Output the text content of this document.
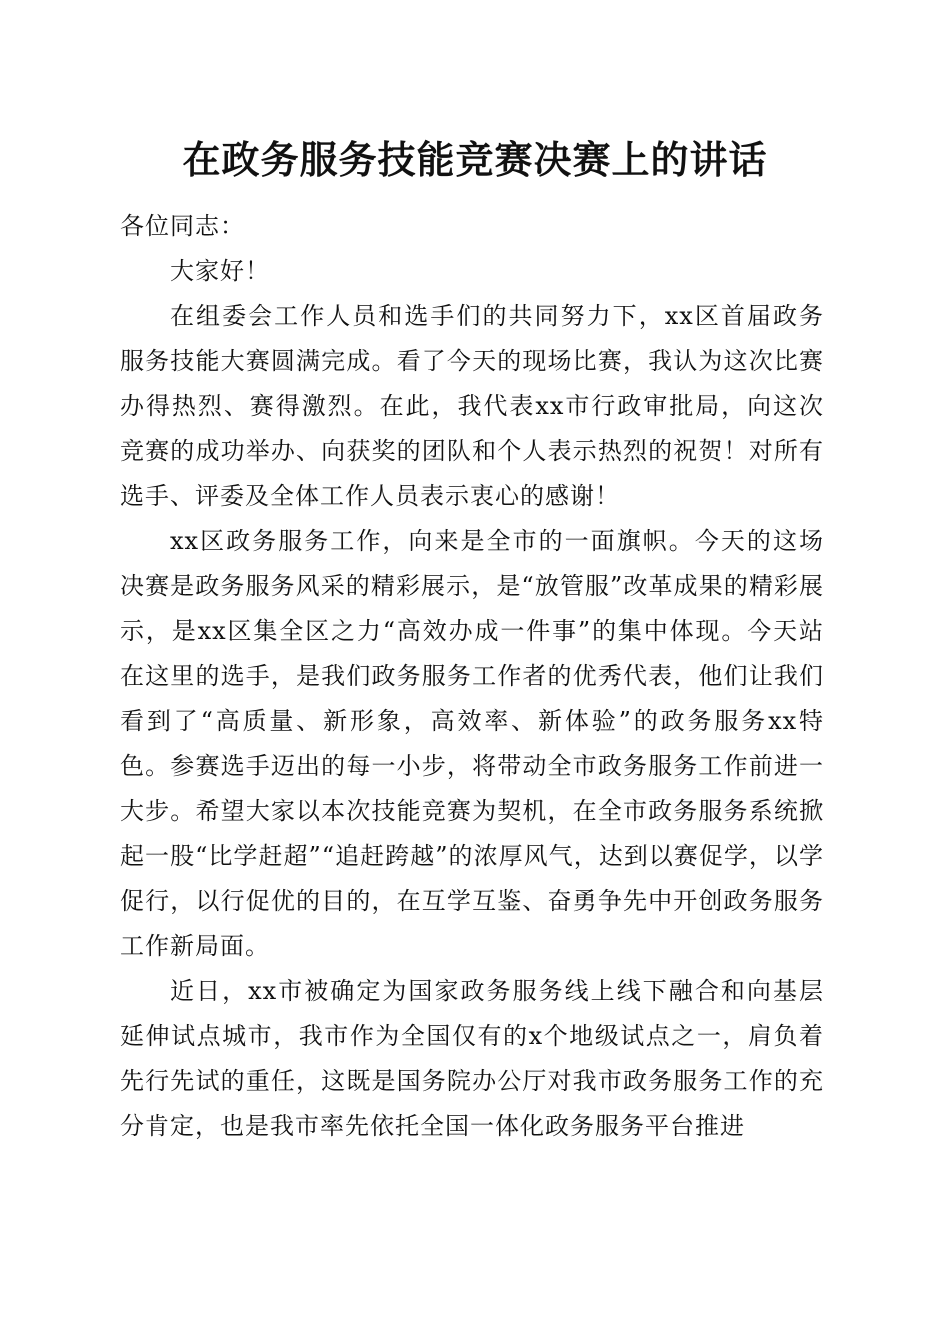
在政务服务技能竞赛决赛上的讲话

各位同志：

大家好！

在组委会工作人员和选手们的共同努力下，xx区首届政务服务技能大赛圆满完成。看了今天的现场比赛，我认为这次比赛办得热烈、赛得激烈。在此，我代表xx市行政审批局，向这次竞赛的成功举办、向获奖的团队和个人表示热烈的祝贺！对所有选手、评委及全体工作人员表示衷心的感谢！

xx区政务服务工作，向来是全市的一面旗帜。今天的这场决赛是政务服务风采的精彩展示，是“放管服”改革成果的精彩展示，是xx区集全区之力“高效办成一件事”的集中体现。今天站在这里的选手，是我们政务服务工作者的优秀代表，他们让我们看到了“高质量、新形象，高效率、新体验”的政务服务xx特色。参赛选手迈出的每一小步，将带动全市政务服务工作前进一大步。希望大家以本次技能竞赛为契机，在全市政务服务系统掀起一股“比学赶超”“追赶跨越”的浓厚风气，达到以赛促学，以学促行，以行促优的目的，在互学互鉴、奋勇争先中开创政务服务工作新局面。

近日，xx市被确定为国家政务服务线上线下融合和向基层延伸试点城市，我市作为全国仅有的x个地级试点之一，肩负着先行先试的重任，这既是国务院办公厅对我市政务服务工作的充分肯定，也是我市率先依托全国一体化政务服务平台推进
